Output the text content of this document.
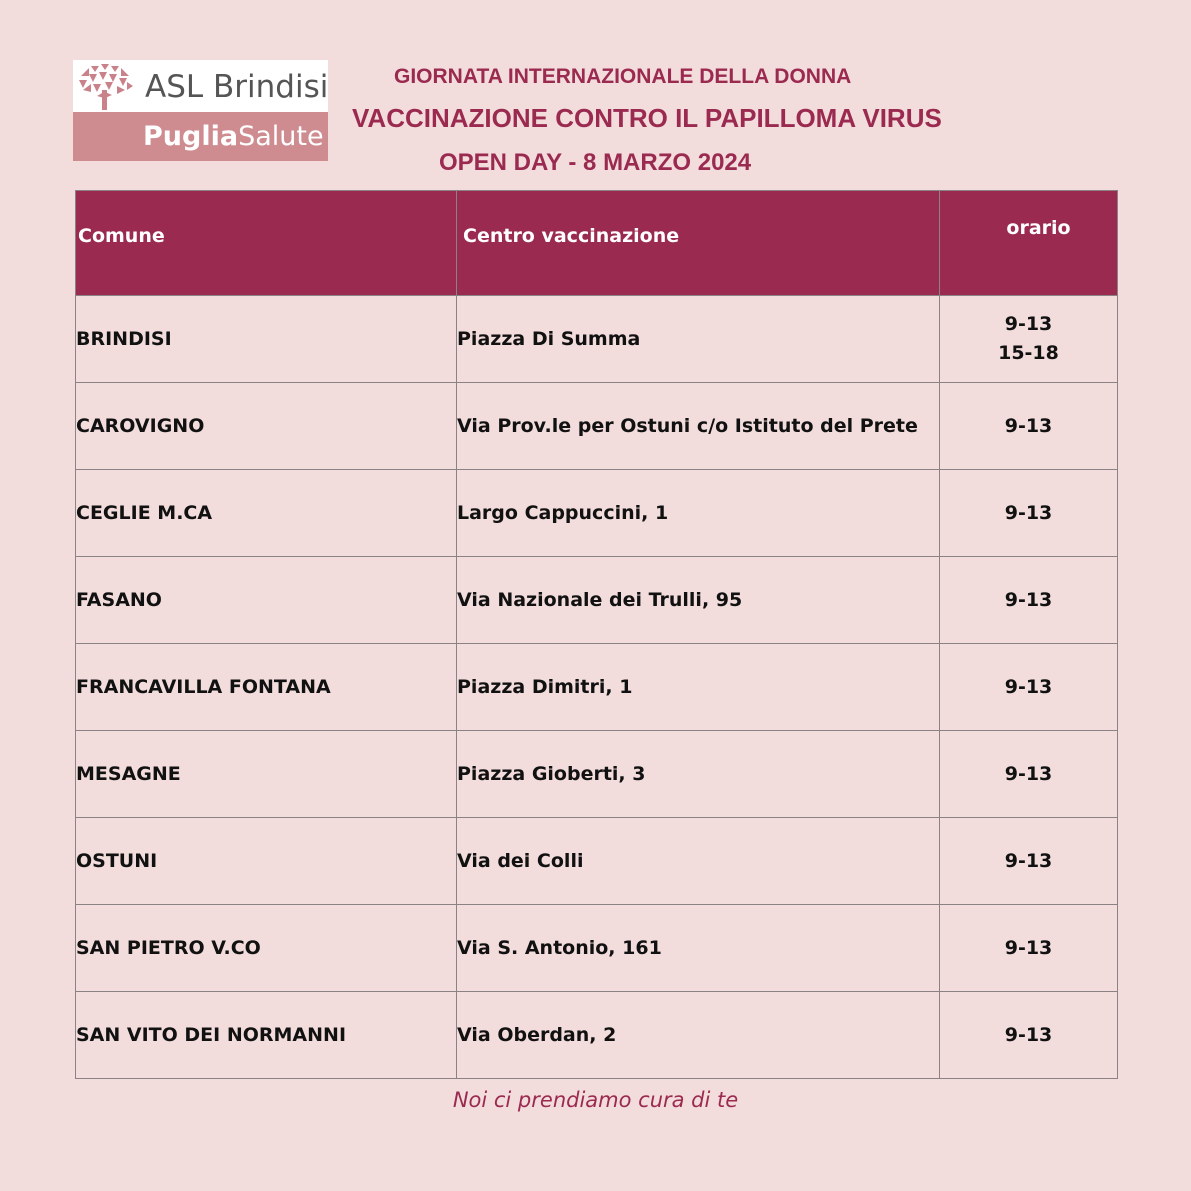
ASL Brindisi
PugliaSalute
GIORNATA INTERNAZIONALE DELLA DONNA
VACCINAZIONE CONTRO IL PAPILLOMA VIRUS
OPEN DAY - 8 MARZO 2024
Comune	Centro vaccinazione	orario
BRINDISI	Piazza Di Summa	9-13
15-18

CAROVIGNO	Via Prov.le per Ostuni c/o Istituto del Prete	9-13

CEGLIE M.CA	Largo Cappuccini, 1	9-13

FASANO	Via Nazionale dei Trulli, 95	9-13

FRANCAVILLA FONTANA	Piazza Dimitri, 1	9-13

MESAGNE	Piazza Gioberti, 3	9-13

OSTUNI	Via dei Colli	9-13

SAN PIETRO V.CO	Via S. Antonio, 161	9-13

SAN VITO DEI NORMANNI	Via Oberdan, 2	9-13
Noi ci prendiamo cura di te
